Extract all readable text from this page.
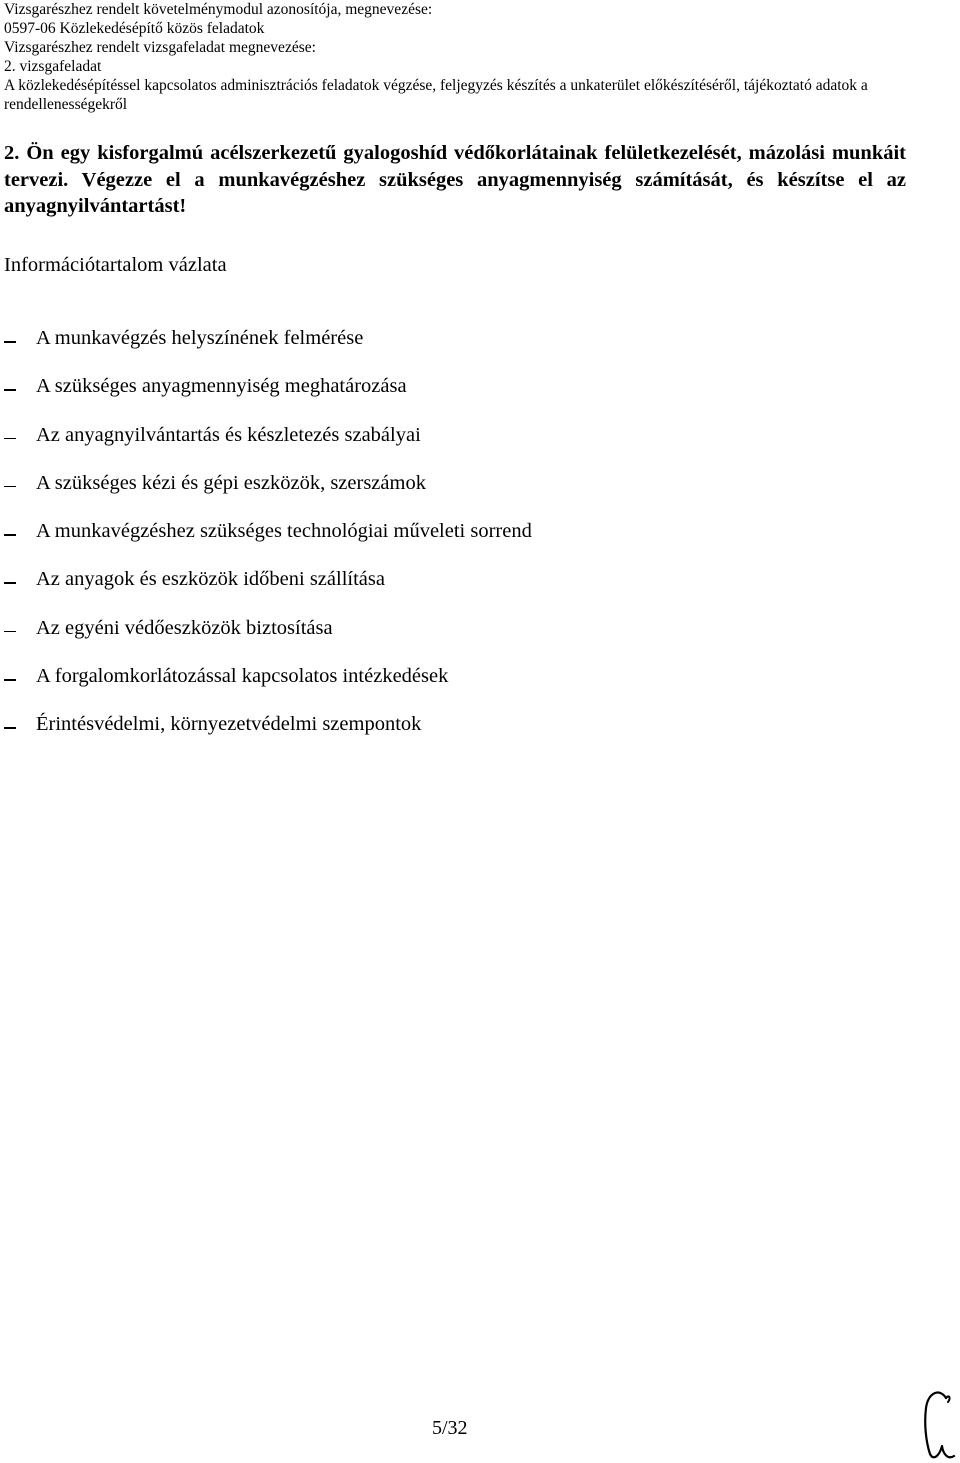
Vizsgarészhez rendelt követelménymodul azonosítója, megnevezése:
0597-06 Közlekedésépítő közös feladatok
Vizsgarészhez rendelt vizsgafeladat megnevezése:
2. vizsgafeladat
A közlekedésépítéssel kapcsolatos adminisztrációs feladatok végzése, feljegyzés készítés a unkaterület előkészítéséről, tájékoztató adatok a rendellenességekről
2. Ön egy kisforgalmú acélszerkezetű gyalogoshíd védőkorlátainak felületkezelését, mázolási munkáit tervezi. Végezze el a munkavégzéshez szükséges anyagmennyiség számítását, és készítse el az anyagnyilvántartást!
Információtartalom vázlata
A munkavégzés helyszínének felmérése
A szükséges anyagmennyiség meghatározása
Az anyagnyilvántartás és készletezés szabályai
A szükséges kézi és gépi eszközök, szerszámok
A munkavégzéshez szükséges technológiai műveleti sorrend
Az anyagok és eszközök időbeni szállítása
Az egyéni védőeszközök biztosítása
A forgalomkorlátozással kapcsolatos intézkedések
Érintésvédelmi, környezetvédelmi szempontok
5/32
